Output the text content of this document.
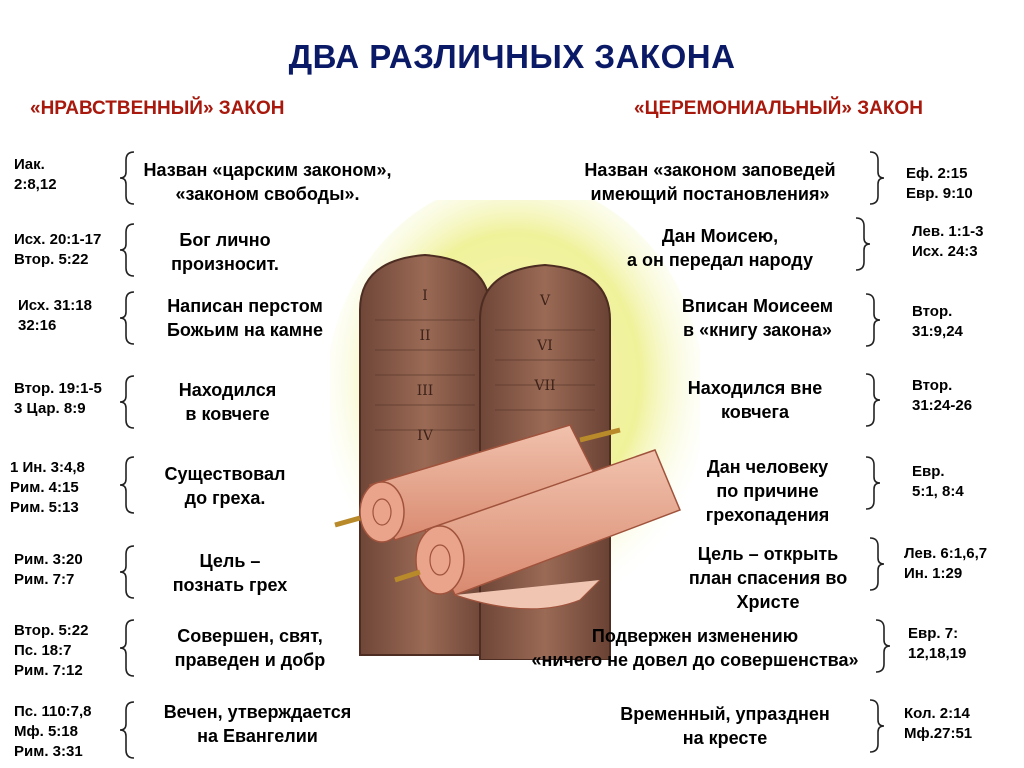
ДВА РАЗЛИЧНЫХ ЗАКОНА
«НРАВСТВЕННЫЙ» ЗАКОН	«ЦЕРЕМОНИАЛЬНЫЙ» ЗАКОН
I
II
III
IV
V
VI
VII
Иак.
2:8,12
Назван «царским законом»,
«законом свободы».
Исх. 20:1-17
Втор. 5:22
Бог лично
произносит.
Исх. 31:18
32:16
Написан перстом
Божьим на камне
Втор. 19:1-5
3 Цар. 8:9
Находился
в ковчеге
1 Ин. 3:4,8
Рим. 4:15
Рим. 5:13
Существовал
до греха.
Рим. 3:20
Рим. 7:7
Цель –
познать грех
Втор. 5:22
Пс. 18:7
Рим. 7:12
Совершен, свят,
праведен и добр
Пс. 110:7,8
Мф. 5:18
Рим. 3:31
Вечен, утверждается
на Евангелии
Назван «законом заповедей
имеющий постановления»
Еф. 2:15
Евр. 9:10
Дан Моисею,
а он передал народу
Лев. 1:1-3
Исх. 24:3
Вписан Моисеем
в «книгу закона»
Втор.
31:9,24
Находился вне
ковчега
Втор.
31:24-26
Дан человеку
по причине
грехопадения
Евр.
5:1, 8:4
Цель – открыть
план спасения во
Христе
Лев. 6:1,6,7
Ин. 1:29
Подвержен изменению
«ничего не довел до совершенства»
Евр. 7:
12,18,19
Временный, упразднен
на кресте
Кол. 2:14
Мф.27:51
